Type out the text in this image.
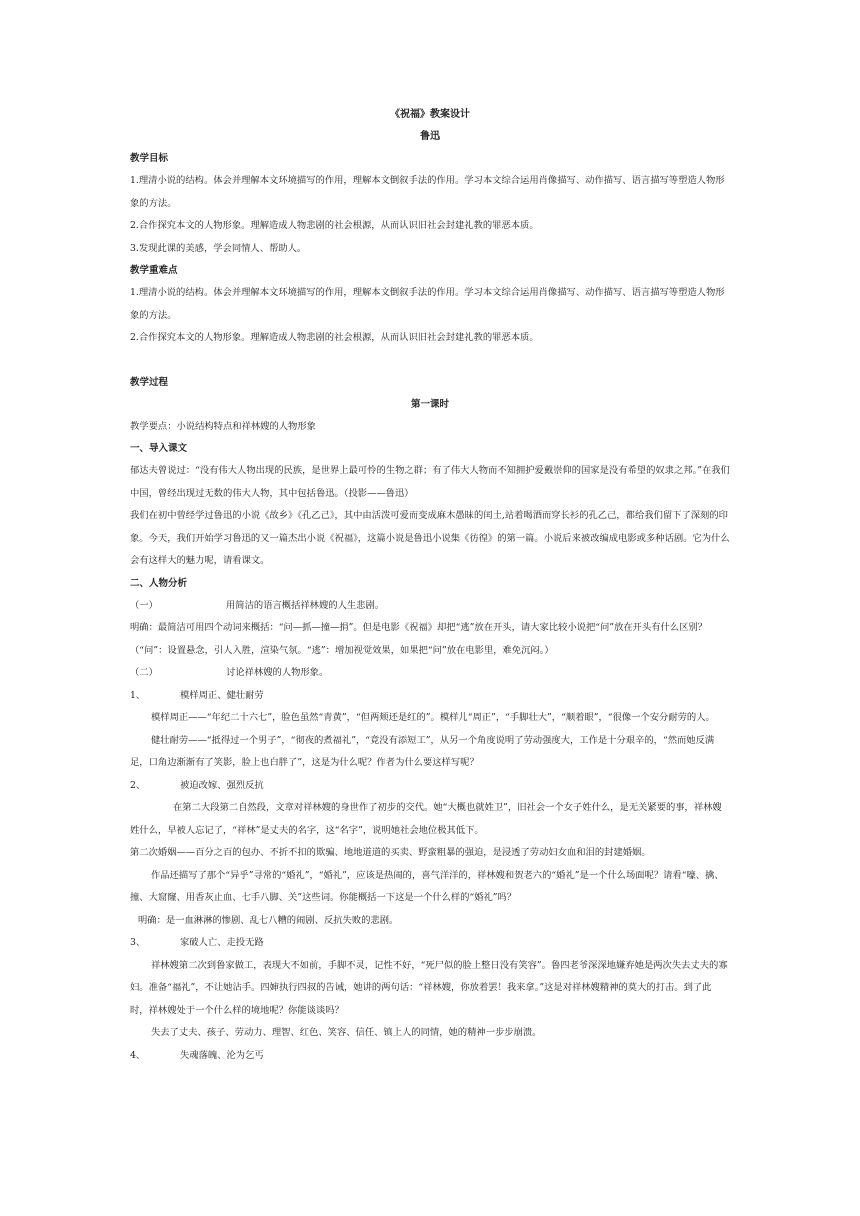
《祝福》教案设计
鲁迅
教学目标

1.理清小说的结构。体会并理解本文环境描写的作用，理解本文倒叙手法的作用。学习本文综合运用肖像描写、动作描写、语言描写等塑造人物形象的方法。

2.合作探究本文的人物形象。理解造成人物悲剧的社会根源，从而认识旧社会封建礼教的罪恶本质。

3.发现此课的美感，学会同情人、帮助人。

教学重难点

1.理清小说的结构。体会并理解本文环境描写的作用，理解本文倒叙手法的作用。学习本文综合运用肖像描写、动作描写、语言描写等塑造人物形象的方法。

2.合作探究本文的人物形象。理解造成人物悲剧的社会根源，从而认识旧社会封建礼教的罪恶本质。

教学过程
第一课时

教学要点：小说结构特点和祥林嫂的人物形象

一、导入课文

郁达夫曾说过：“没有伟大人物出现的民族，是世界上最可怜的生物之群；有了伟大人物而不知拥护爱戴崇仰的国家是没有希望的奴隶之邦。”在我们中国，曾经出现过无数的伟大人物，其中包括鲁迅。（投影——鲁迅）

我们在初中曾经学过鲁迅的小说《故乡》《孔乙己》，其中由活泼可爱而变成麻木愚昧的闰土,站着喝酒而穿长衫的孔乙己，都给我们留下了深刻的印象。今天，我们开始学习鲁迅的又一篇杰出小说《祝福》，这篇小说是鲁迅小说集《彷徨》的第一篇。小说后来被改编成电影或多种话剧。它为什么会有这样大的魅力呢，请看课文。

二、人物分析

（一）	用简洁的语言概括祥林嫂的人生悲剧。

明确：最简洁可用四个动词来概括：“问—抓—撞—捐”。但是电影《祝福》却把“逃”放在开头，请大家比较小说把“问”放在开头有什么区别？（“问”：设置悬念，引人入胜，渲染气氛。“逃”：增加视觉效果，如果把“问”放在电影里，难免沉闷。）

（二）	讨论祥林嫂的人物形象。

1、	模样周正、健壮耐劳

模样周正——“年纪二十六七”，脸色虽然“青黄”，“但两颊还是红的”。模样儿“周正”，“手脚壮大”，“顺着眼”，“很像一个安分耐劳的人。

健壮耐劳——“抵得过一个男子”，“彻夜的煮福礼”，“竟没有添短工”，从另一个角度说明了劳动强度大，工作是十分艰辛的，“然而她反满足，口角边渐渐有了笑影，脸上也白胖了”，这是为什么呢？作者为什么要这样写呢？

2、	被迫改嫁、强烈反抗

在第二大段第二自然段，文章对祥林嫂的身世作了初步的交代。她“大概也就姓卫”，旧社会一个女子姓什么，是无关紧要的事，祥林嫂姓什么，早被人忘记了，“祥林”是丈夫的名字，这“名字”，说明她社会地位极其低下。

第二次婚姻——百分之百的包办、不折不扣的欺骗、地地道道的买卖、野蛮粗暴的强迫，是浸透了劳动妇女血和泪的封建婚姻。

作品还描写了那个“异乎”寻常的“婚礼”，“婚礼”，应该是热闹的，喜气洋洋的，祥林嫂和贺老六的“婚礼”是一个什么场面呢？请看“嚎、擒、撞、大窟窿、用香灰止血、七手八脚、关”这些词。你能概括一下这是一个什么样的“婚礼”吗？

明确：是一血淋淋的惨剧、乱七八糟的闹剧、反抗失败的悲剧。

3、	家破人亡、走投无路

祥林嫂第二次到鲁家做工，表现大不如前，手脚不灵，记性不好，“死尸似的脸上整日没有笑容”。鲁四老爷深深地嫌弃她是两次失去丈夫的寡妇。准备“福礼”，不让她沾手。四婶执行四叔的告诫，她讲的两句话：“祥林嫂，你放着罢！我来拿。”这是对祥林嫂精神的莫大的打击。到了此时，祥林嫂处于一个什么样的境地呢？你能谈谈吗？

失去了丈夫、孩子、劳动力、理智、红色、笑容、信任、镇上人的同情，她的精神一步步崩溃。

4、	失魂落魄、沦为乞丐
